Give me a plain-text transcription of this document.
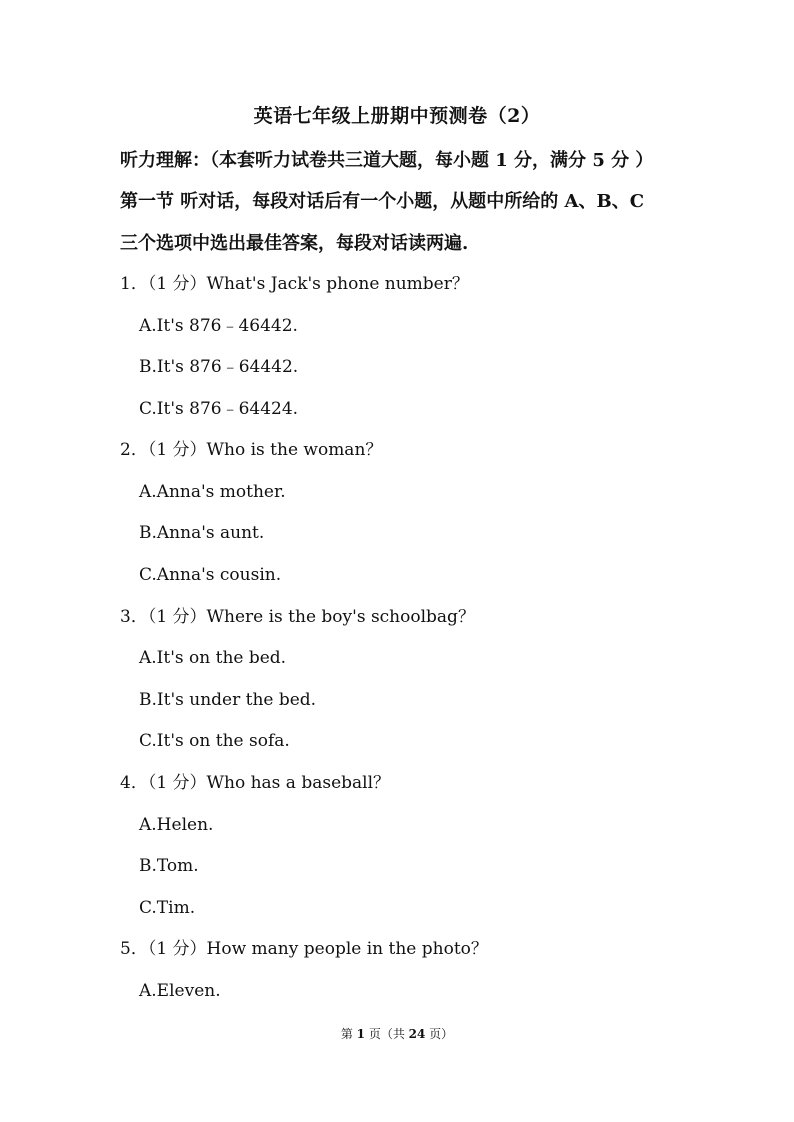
英语七年级上册期中预测卷（2）
听力理解：（本套听力试卷共三道大题，每小题 1 分，满分 5 分 ）
第一节 听对话，每段对话后有一个小题，从题中所给的 A、B、C
三个选项中选出最佳答案，每段对话读两遍.
1．（1 分）What's Jack's phone number？
A.It's 876﹣46442.
B.It's 876﹣64442.
C.It's 876﹣64424.
2．（1 分）Who is the woman？
A.Anna's mother.
B.Anna's aunt.
C.Anna's cousin.
3．（1 分）Where is the boy's schoolbag？
A.It's on the bed.
B.It's under the bed.
C.It's on the sofa.
4．（1 分）Who has a baseball？
A.Helen.
B.Tom.
C.Tim.
5．（1 分）How many people in the photo？
A.Eleven.
第 1 页（共 24 页）
